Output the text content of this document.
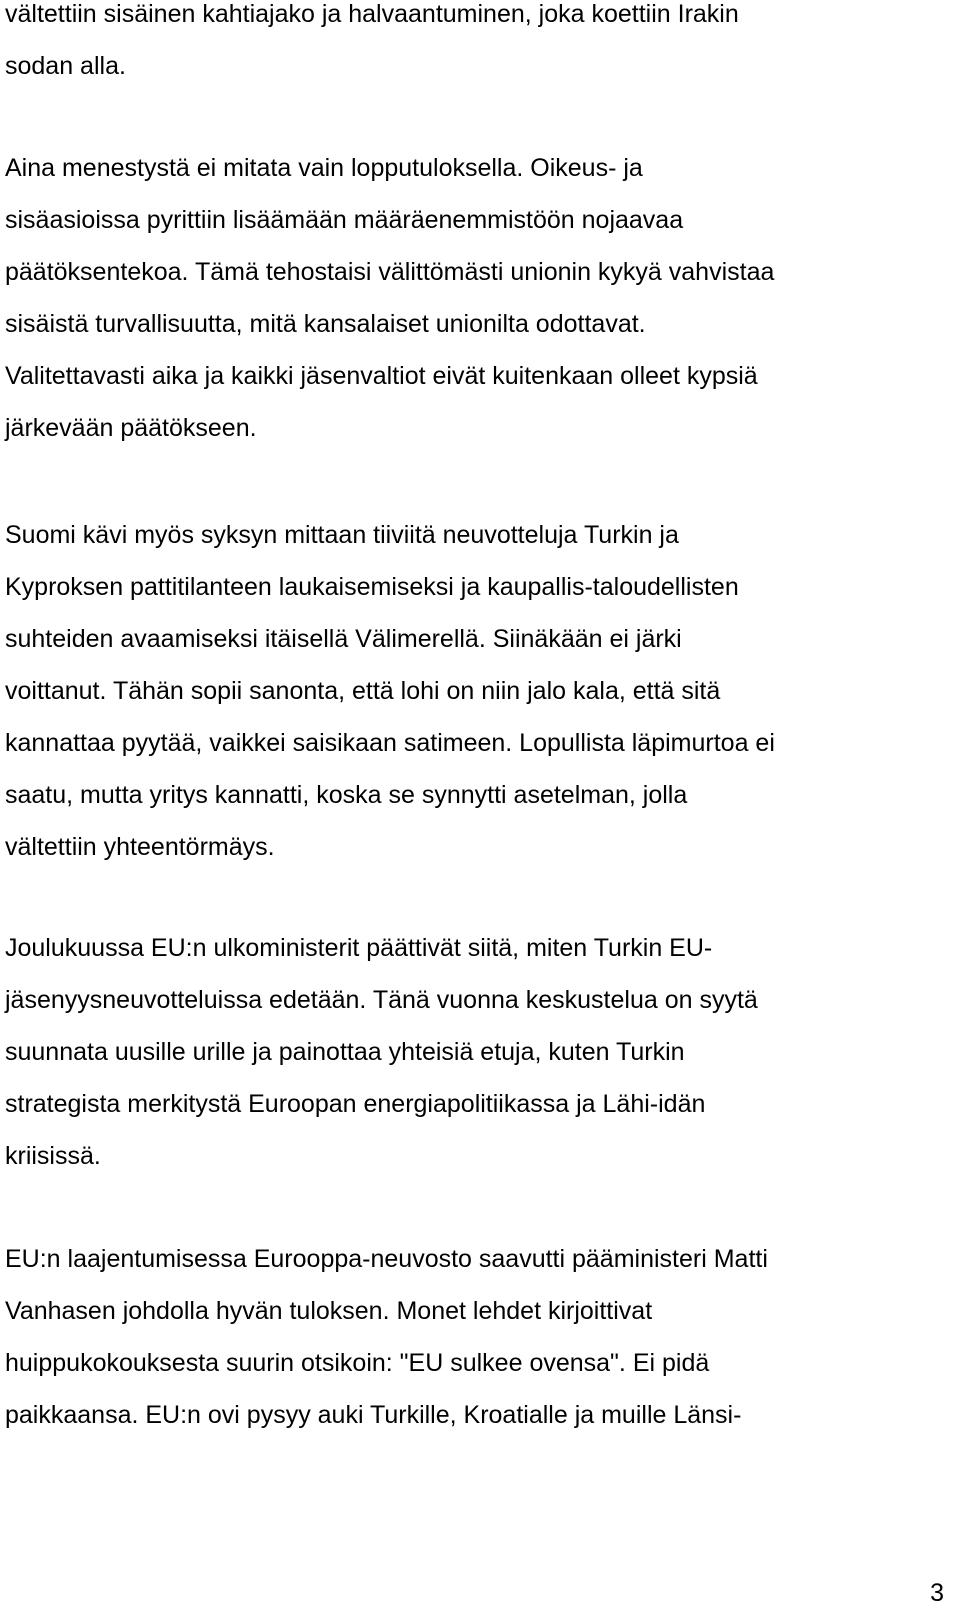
vältettiin sisäinen kahtiajako ja halvaantuminen, joka koettiin Irakin
sodan alla.

Aina menestystä ei mitata vain lopputuloksella. Oikeus- ja
sisäasioissa pyrittiin lisäämään määräenemmistöön nojaavaa
päätöksentekoa. Tämä tehostaisi välittömästi unionin kykyä vahvistaa
sisäistä turvallisuutta, mitä kansalaiset unionilta odottavat.
Valitettavasti aika ja kaikki jäsenvaltiot eivät kuitenkaan olleet kypsiä
järkevään päätökseen.

Suomi kävi myös syksyn mittaan tiiviitä neuvotteluja Turkin ja
Kyproksen pattitilanteen laukaisemiseksi ja kaupallis-taloudellisten
suhteiden avaamiseksi itäisellä Välimerellä. Siinäkään ei järki
voittanut. Tähän sopii sanonta, että lohi on niin jalo kala, että sitä
kannattaa pyytää, vaikkei saisikaan satimeen. Lopullista läpimurtoa ei
saatu, mutta yritys kannatti, koska se synnytti asetelman, jolla
vältettiin yhteentörmäys.

Joulukuussa EU:n ulkoministerit päättivät siitä, miten Turkin EU-
jäsenyysneuvotteluissa edetään. Tänä vuonna keskustelua on syytä
suunnata uusille urille ja painottaa yhteisiä etuja, kuten Turkin
strategista merkitystä Euroopan energiapolitiikassa ja Lähi-idän
kriisissä.

EU:n laajentumisessa Eurooppa-neuvosto saavutti pääministeri Matti
Vanhasen johdolla hyvän tuloksen. Monet lehdet kirjoittivat
huippukokouksesta suurin otsikoin: "EU sulkee ovensa". Ei pidä
paikkaansa. EU:n ovi pysyy auki Turkille, Kroatialle ja muille Länsi-

3
